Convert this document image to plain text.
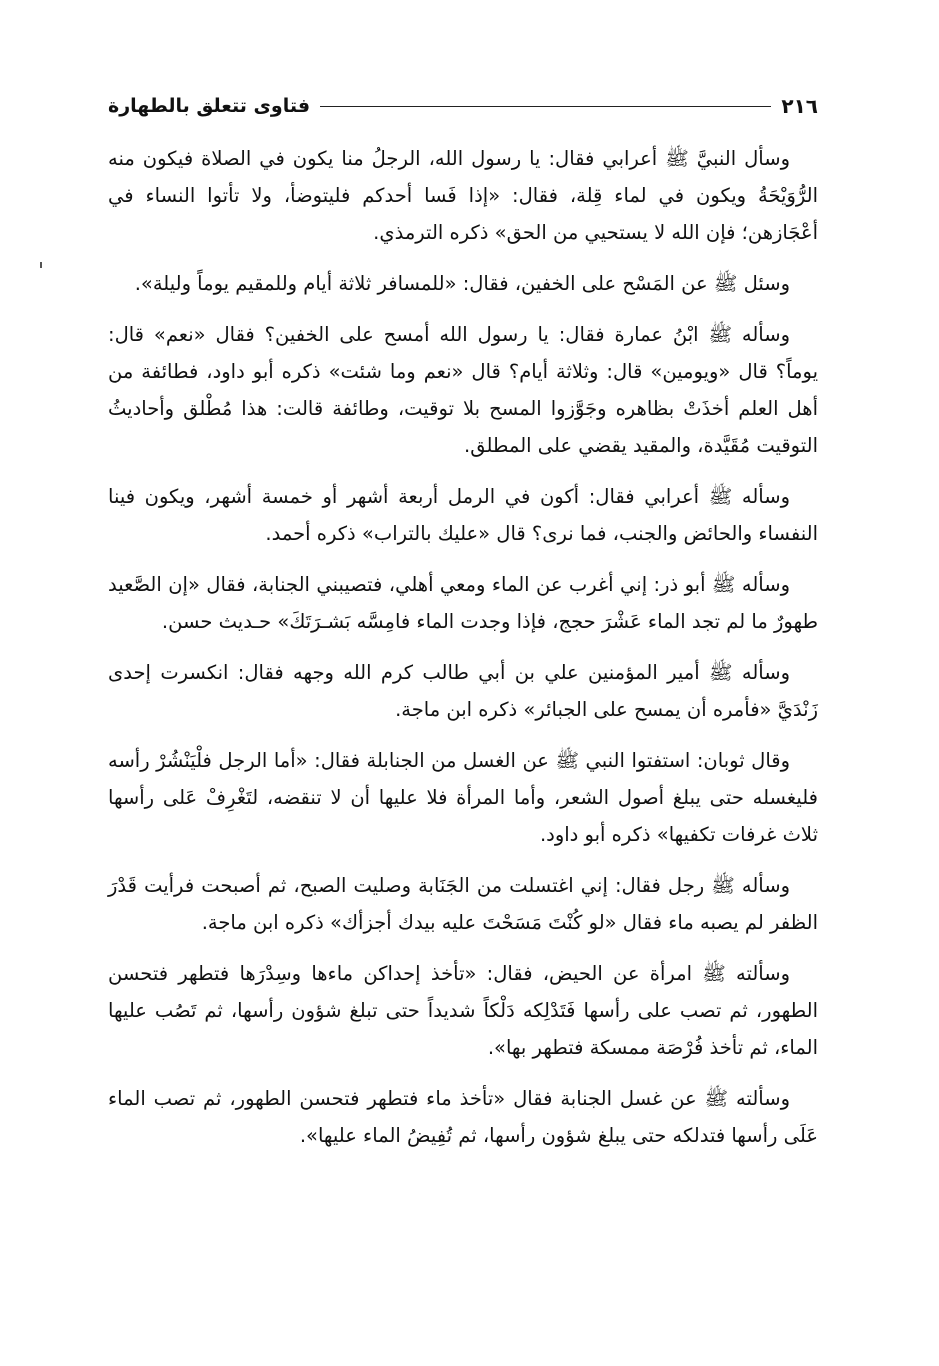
٢١٦
فتاوى تتعلق بالطهارة

وسأل النبيَّ ﷺ أعرابي فقال: يا رسول الله، الرجلُ منا يكون في الصلاة فيكون منه الرُّوَيْحَةُ ويكون في لماء قِلة، فقال: «إذا فَسا أحدكم فليتوضأ، ولا تأتوا النساء في أعْجَازهن؛ فإن الله لا يستحيي من الحق» ذكره الترمذي.

وسئل ﷺ عن المَسْح على الخفين، فقال: «للمسافر ثلاثة أيام وللمقيم يوماً وليلة».

وسأله ﷺ ابْنُ عمارة فقال: يا رسول الله أمسح على الخفين؟ فقال «نعم» قال: يوماً؟ قال «ويومين» قال: وثلاثة أيام؟ قال «نعم وما شئت» ذكره أبو داود، فطائفة من أهل العلم أخذَتْ بظاهره وجَوَّزوا المسح بلا توقيت، وطائفة قالت: هذا مُطْلق وأحاديثُ التوقيت مُقَيَّدة، والمقيد يقضي على المطلق.

وسأله ﷺ أعرابي فقال: أكون في الرمل أربعة أشهر أو خمسة أشهر، ويكون فينا النفساء والحائض والجنب، فما نرى؟ قال «عليك بالتراب» ذكره أحمد.

وسأله ﷺ أبو ذر: إني أغرب عن الماء ومعي أهلي، فتصيبني الجنابة، فقال «إن الصَّعيد طهورٌ ما لم تجد الماء عَشْرَ حجج، فإذا وجدت الماء فامِسَّه بَشـرَتَكَ» حـديث حسن.

وسأله ﷺ أمير المؤمنين علي بن أبي طالب كرم الله وجهه فقال: انكسرت إحدى زَنْدَيَّ «فأمره أن يمسح على الجبائر» ذكره ابن ماجة.

وقال ثوبان: استفتوا النبي ﷺ عن الغسل من الجنابلة فقال: «أما الرجل فلْيَنْشُرْ رأسه فليغسله حتى يبلغ أصول الشعر، وأما المرأة فلا عليها أن لا تنقضه، لتَغْرِفْ عَلى رأسها ثلاث غرفات تكفيها» ذكره أبو داود.

وسأله ﷺ رجل فقال: إني اغتسلت من الجَنَابة وصليت الصبح، ثم أصبحت فرأيت قَدْرَ الظفر لم يصبه ماء فقال «لو كُنْتَ مَسَحْتَ عليه بيدك أجزأك» ذكره ابن ماجة.

وسألته ﷺ امرأة عن الحيض، فقال: «تأخذ إحداكن ماءها وسِدْرَها فتطهر فتحسن الطهور، ثم تصب على رأسها فَتَدْلِكه دَلْكاً شديداً حتى تبلغ شؤون رأسها، ثم تَصُب عليها الماء، ثم تأخذ فُرْصَة ممسكة فتطهر بها».

وسألته ﷺ عن غسل الجنابة فقال «تأخذ ماء فتطهر فتحسن الطهور، ثم تصب الماء عَلَى رأسها فتدلكه حتى يبلغ شؤون رأسها، ثم تُفِيضُ الماء عليها».
